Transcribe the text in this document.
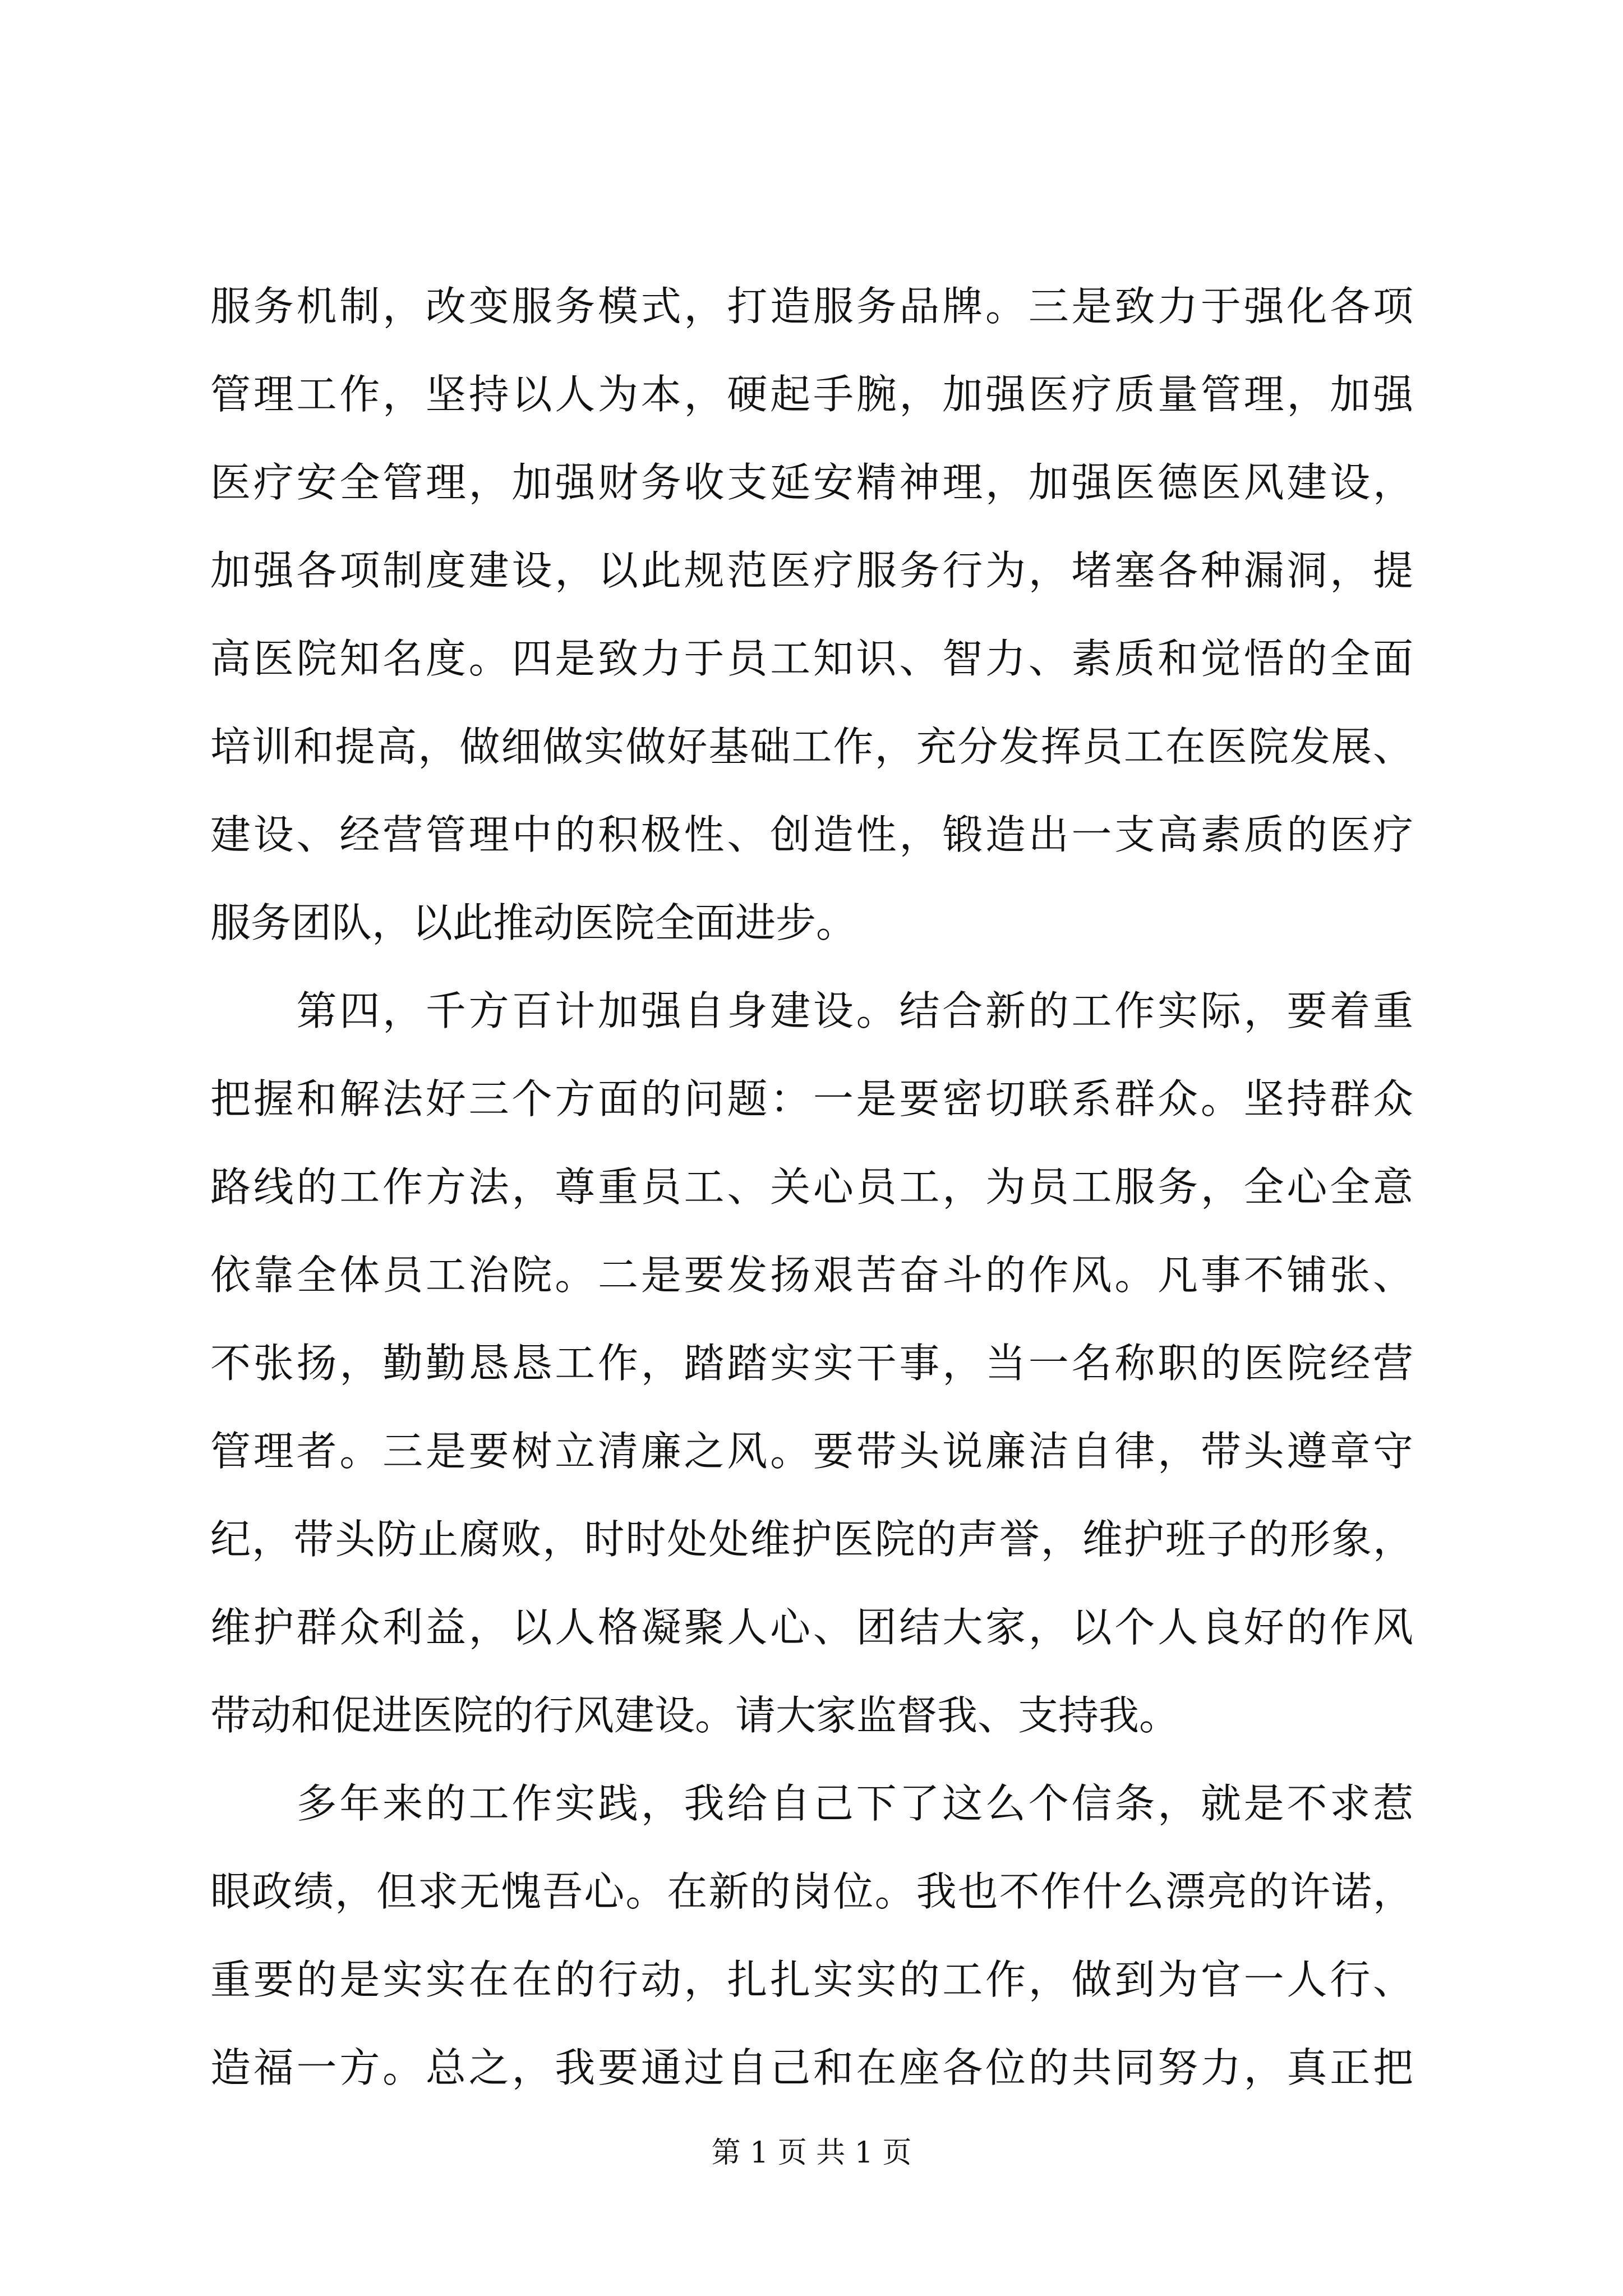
服务机制，改变服务模式，打造服务品牌。三是致力于强化各项
管理工作，坚持以人为本，硬起手腕，加强医疗质量管理，加强
医疗安全管理，加强财务收支延安精神理，加强医德医风建设，
加强各项制度建设，以此规范医疗服务行为，堵塞各种漏洞，提
高医院知名度。四是致力于员工知识、智力、素质和觉悟的全面
培训和提高，做细做实做好基础工作，充分发挥员工在医院发展、
建设、经营管理中的积极性、创造性，锻造出一支高素质的医疗
服务团队，以此推动医院全面进步。
　　第四，千方百计加强自身建设。结合新的工作实际，要着重
把握和解法好三个方面的问题：一是要密切联系群众。坚持群众
路线的工作方法，尊重员工、关心员工，为员工服务，全心全意
依靠全体员工治院。二是要发扬艰苦奋斗的作风。凡事不铺张、
不张扬，勤勤恳恳工作，踏踏实实干事，当一名称职的医院经营
管理者。三是要树立清廉之风。要带头说廉洁自律，带头遵章守
纪，带头防止腐败，时时处处维护医院的声誉，维护班子的形象，
维护群众利益，以人格凝聚人心、团结大家，以个人良好的作风
带动和促进医院的行风建设。请大家监督我、支持我。
　　多年来的工作实践，我给自己下了这么个信条，就是不求惹
眼政绩，但求无愧吾心。在新的岗位。我也不作什么漂亮的许诺，
重要的是实实在在的行动，扎扎实实的工作，做到为官一人行、
造福一方。总之，我要通过自己和在座各位的共同努力，真正把
第 1 页 共 1 页
